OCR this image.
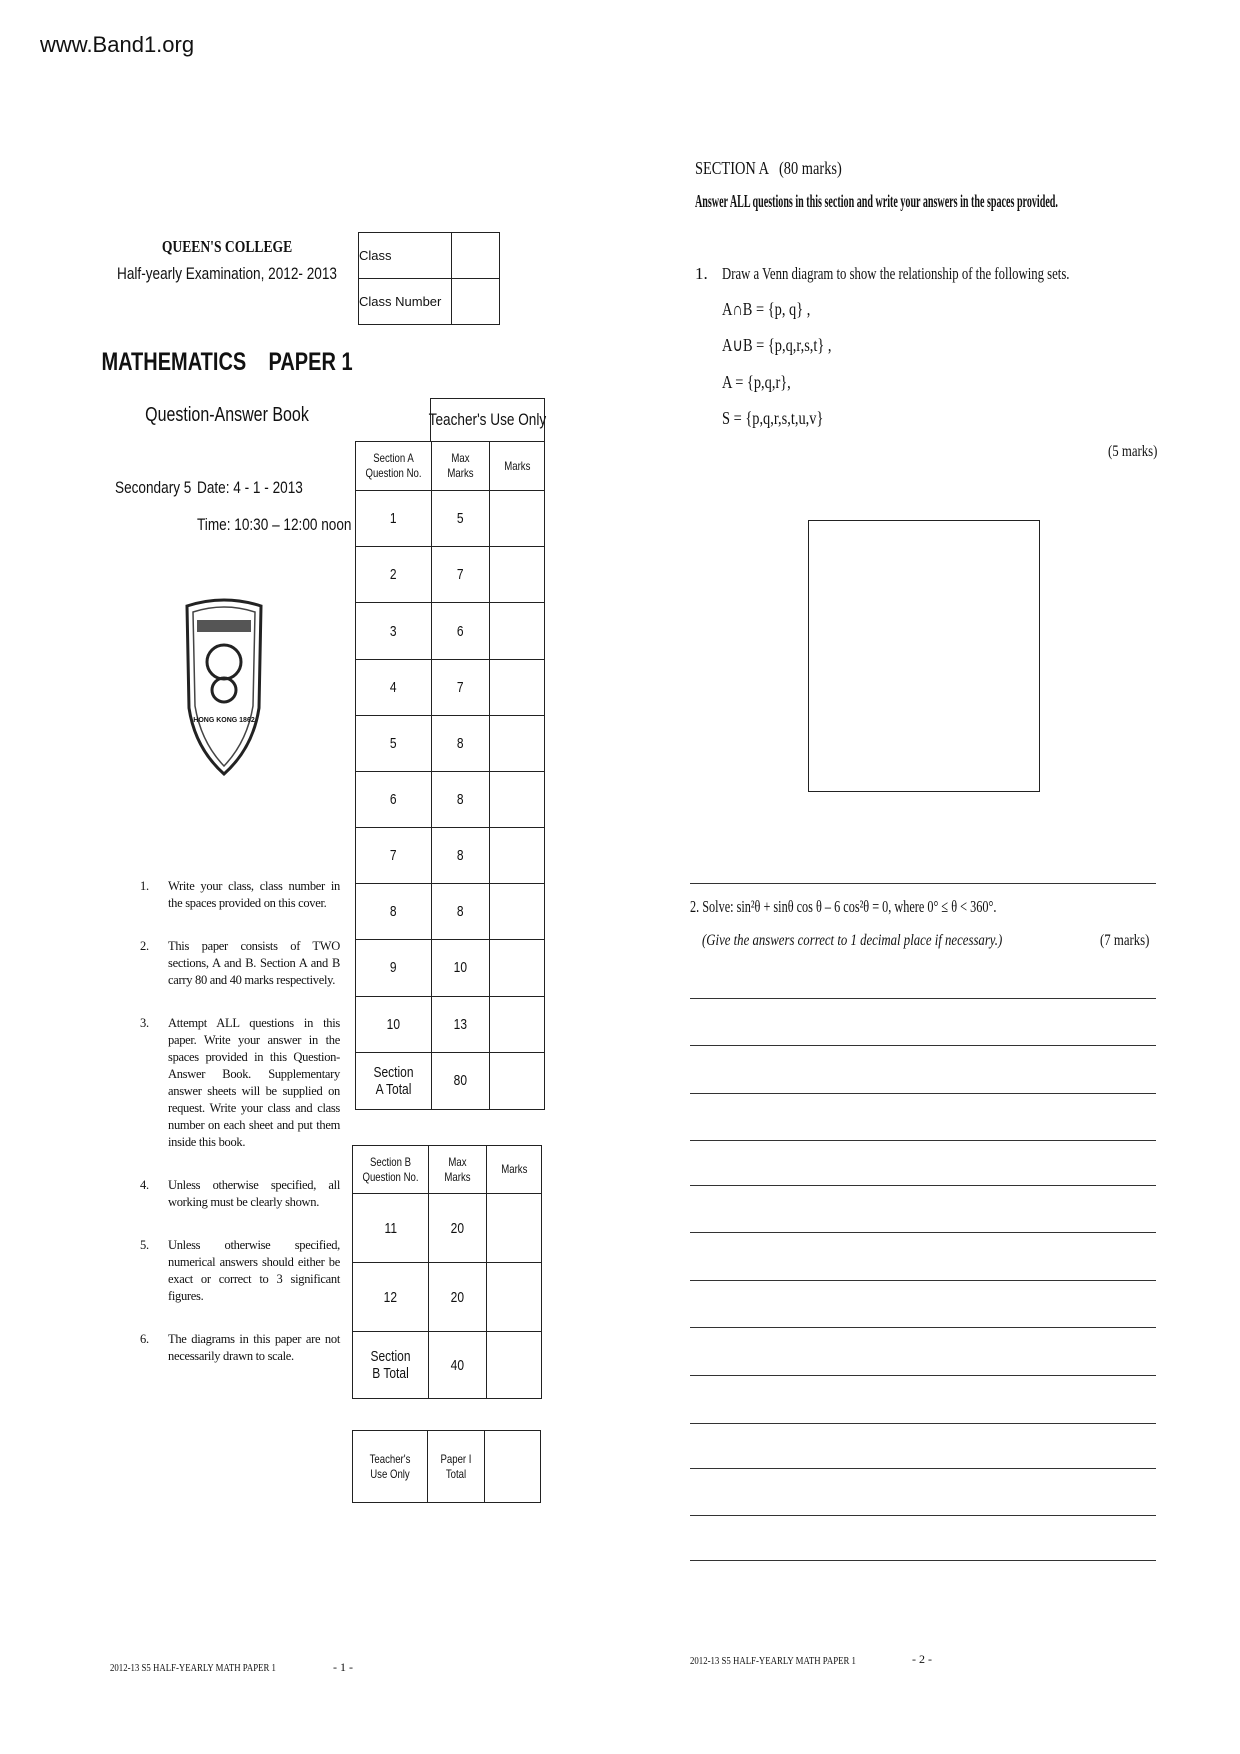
www.Band1.org
QUEEN'S COLLEGE
Half-yearly Examination, 2012- 2013
Class	
Class Number	
MATHEMATICS    PAPER 1
Question-Answer Book
Secondary 5 Date: 4 - 1 - 2013
Time: 10:30 – 12:00 noon
HONG KONG 1862
Teacher's Use Only
Section A Question No.	Max Marks	Marks
1	5	
2	7	
3	6	
4	7	
5	8	
6	8	
7	8	
8	8	
9	10	
10	13	
Section A Total	80	
Section B Question No.	Max Marks	Marks
11	20	
12	20	
Section B Total	40	
Teacher's Use Only	Paper I Total	
1. Write your class, class number in the spaces provided on this cover.
2. This paper consists of TWO sections, A and B. Section A and B carry 80 and 40 marks respectively.
3. Attempt ALL questions in this paper. Write your answer in the spaces provided in this Question-Answer Book. Supplementary answer sheets will be supplied on request. Write your class and class number on each sheet and put them inside this book.
4. Unless otherwise specified, all working must be clearly shown.
5. Unless otherwise specified, numerical answers should either be exact or correct to 3 significant figures.
6. The diagrams in this paper are not necessarily drawn to scale.
2012-13 S5 HALF-YEARLY MATH PAPER 1	- 1 -
SECTION A   (80 marks)
Answer ALL questions in this section and write your answers in the spaces provided.
1. Draw a Venn diagram to show the relationship of the following sets.
A∩B = {p, q} ,
A∪B = {p,q,r,s,t} ,
A = {p,q,r},
S = {p,q,r,s,t,u,v}
(5 marks)
2. Solve: sin²θ + sinθ cos θ – 6 cos²θ = 0, where 0° ≤ θ < 360°.
(Give the answers correct to 1 decimal place if necessary.)	(7 marks)
2012-13 S5 HALF-YEARLY MATH PAPER 1	- 2 -
